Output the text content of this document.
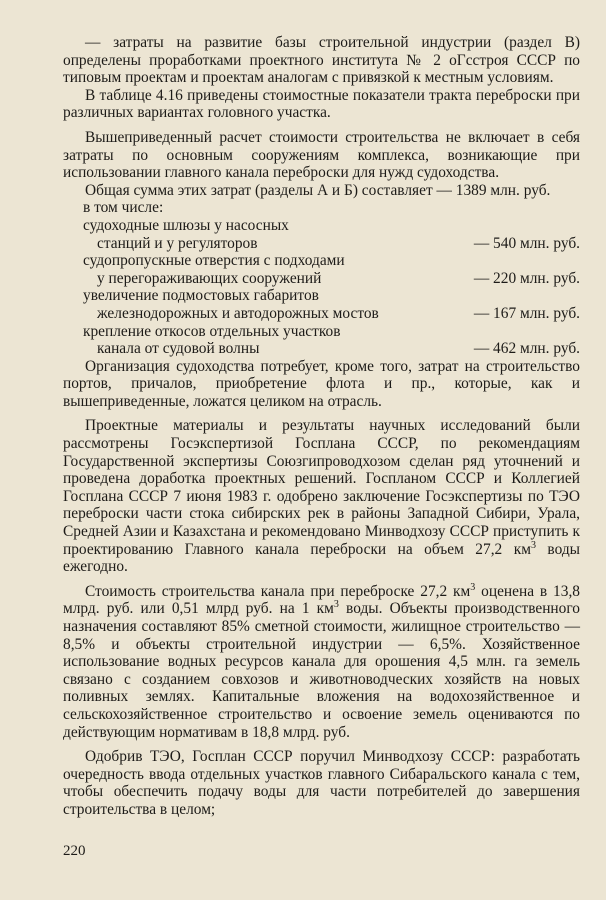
— затраты на развитие базы строительной индустрии (раздел В) определены проработками проектного института № 2 оГсстроя СССР по типовым проектам и проектам аналогам с привязкой к местным условиям.

В таблице 4.16 приведены стоимостные показатели тракта переброски при различных вариантах головного участка.

Вышеприведенный расчет стоимости строительства не включает в себя затраты по основным сооружениям комплекса, возникающие при использовании главного канала переброски для нужд судоходства.

Общая сумма этих затрат (разделы А и Б) составляет — 1389 млн. руб.

в том числе:

судоходные шлюзы у насосных
станций и у регуляторов	— 540 млн. руб.
судопропускные отверстия с подходами
у перегораживающих сооружений	— 220 млн. руб.
увеличение подмостовых габаритов
железнодорожных и автодорожных мостов	— 167 млн. руб.
крепление откосов отдельных участков
канала от судовой волны	— 462 млн. руб.

Организация судоходства потребует, кроме того, затрат на строительство портов, причалов, приобретение флота и пр., которые, как и вышеприведенные, ложатся целиком на отрасль.

Проектные материалы и результаты научных исследований были рассмотрены Госэкспертизой Госплана СССР, по рекомендациям Государственной экспертизы Союзгипроводхозом сделан ряд уточнений и проведена доработка проектных решений. Госпланом СССР и Коллегией Госплана СССР 7 июня 1983 г. одобрено заключение Госэкспертизы по ТЭО переброски части стока сибирских рек в районы Западной Сибири, Урала, Средней Азии и Казахстана и рекомендовано Минводхозу СССР приступить к проектированию Главного канала переброски на объем 27,2 $км^3$ воды ежегодно.

Стоимость строительства канала при переброске 27,2 $км^3$ оценена в 13,8 млрд. руб. или 0,51 млрд руб. на 1 $км^3$ воды. Объекты производственного назначения составляют 85% сметной стоимости, жилищное строительство — 8,5% и объекты строительной индустрии — 6,5%. Хозяйственное использование водных ресурсов канала для орошения 4,5 млн. га земель связано с созданием совхозов и животноводческих хозяйств на новых поливных землях. Капитальные вложения на водохозяйственное и сельскохозяйственное строительство и освоение земель оцениваются по действующим нормативам в 18,8 млрд. руб.

Одобрив ТЭО, Госплан СССР поручил Минводхозу СССР: разработать очередность ввода отдельных участков главного Сибаральского канала с тем, чтобы обеспечить подачу воды для части потребителей до завершения строительства в целом;

220
